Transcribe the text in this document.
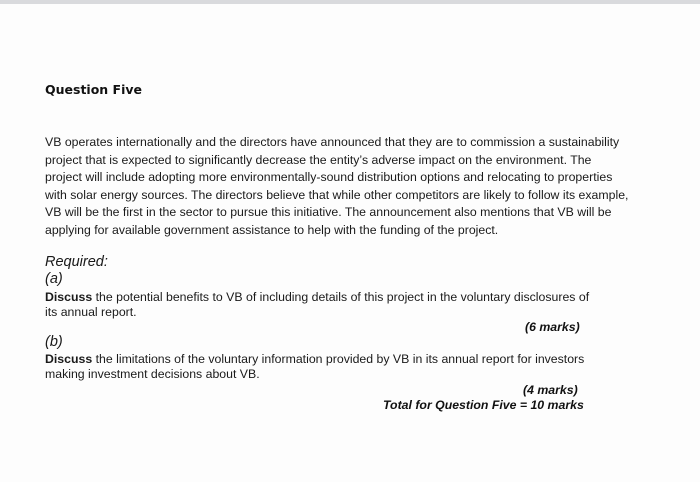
Question Five
VB operates internationally and the directors have announced that they are to commission a sustainability
project that is expected to significantly decrease the entity’s adverse impact on the environment. The
project will include adopting more environmentally-sound distribution options and relocating to properties
with solar energy sources. The directors believe that while other competitors are likely to follow its example,
VB will be the first in the sector to pursue this initiative. The announcement also mentions that VB will be
applying for available government assistance to help with the funding of the project.
Required:
(a)
Discuss the potential benefits to VB of including details of this project in the voluntary disclosures of
its annual report.
(6 marks)
(b)
Discuss the limitations of the voluntary information provided by VB in its annual report for investors
making investment decisions about VB.
(4 marks)
Total for Question Five = 10 marks
